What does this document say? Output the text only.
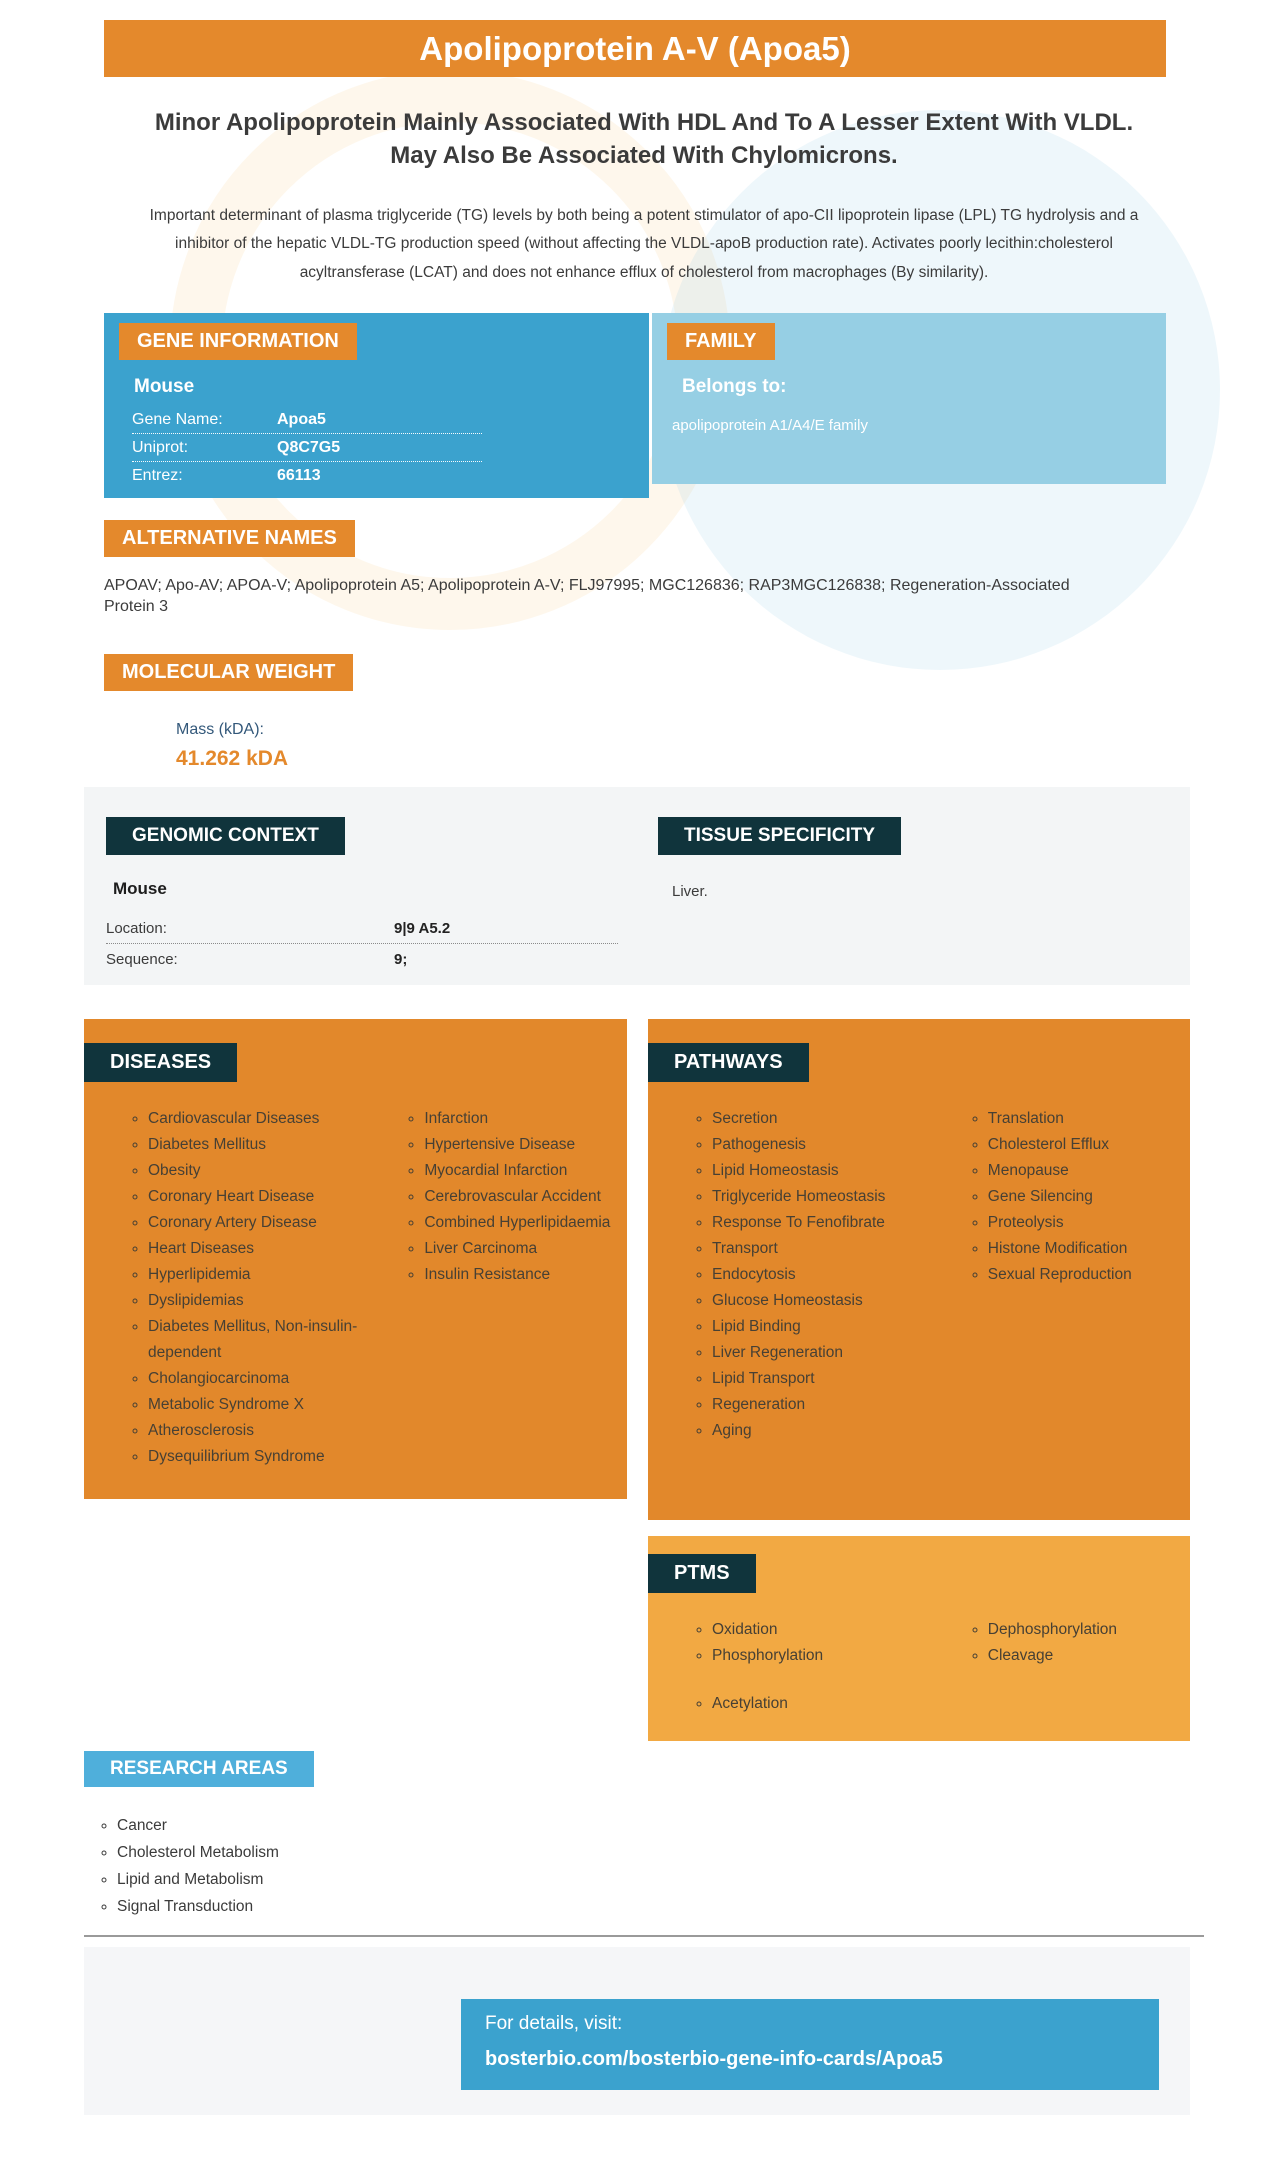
Apolipoprotein A-V (Apoa5)
Minor Apolipoprotein Mainly Associated With HDL And To A Lesser Extent With VLDL. May Also Be Associated With Chylomicrons.
Important determinant of plasma triglyceride (TG) levels by both being a potent stimulator of apo-CII lipoprotein lipase (LPL) TG hydrolysis and a inhibitor of the hepatic VLDL-TG production speed (without affecting the VLDL-apoB production rate). Activates poorly lecithin:cholesterol acyltransferase (LCAT) and does not enhance efflux of cholesterol from macrophages (By similarity).
GENE INFORMATION
Mouse
Gene Name:	Apoa5
Uniprot:	Q8C7G5
Entrez:	66113
FAMILY
Belongs to:
apolipoprotein A1/A4/E family
ALTERNATIVE NAMES
APOAV; Apo-AV; APOA-V; Apolipoprotein A5; Apolipoprotein A-V; FLJ97995; MGC126836; RAP3MGC126838; Regeneration-Associated Protein 3
MOLECULAR WEIGHT
Mass (kDA):
41.262 kDA
GENOMIC CONTEXT
Mouse
Location:	9|9 A5.2
Sequence:	9;
TISSUE SPECIFICITY
Liver.
DISEASES
◦ Cardiovascular Diseases
◦ Diabetes Mellitus
◦ Obesity
◦ Coronary Heart Disease
◦ Coronary Artery Disease
◦ Heart Diseases
◦ Hyperlipidemia
◦ Dyslipidemias
◦ Diabetes Mellitus, Non-insulin-dependent
◦ Cholangiocarcinoma
◦ Metabolic Syndrome X
◦ Atherosclerosis
◦ Dysequilibrium Syndrome
◦ Infarction
◦ Hypertensive Disease
◦ Myocardial Infarction
◦ Cerebrovascular Accident
◦ Combined Hyperlipidaemia
◦ Liver Carcinoma
◦ Insulin Resistance
RESEARCH AREAS
◦ Cancer
◦ Cholesterol Metabolism
◦ Lipid and Metabolism
◦ Signal Transduction
PATHWAYS
◦ Secretion
◦ Pathogenesis
◦ Lipid Homeostasis
◦ Triglyceride Homeostasis
◦ Response To Fenofibrate
◦ Transport
◦ Endocytosis
◦ Glucose Homeostasis
◦ Lipid Binding
◦ Liver Regeneration
◦ Lipid Transport
◦ Regeneration
◦ Aging
◦ Translation
◦ Cholesterol Efflux
◦ Menopause
◦ Gene Silencing
◦ Proteolysis
◦ Histone Modification
◦ Sexual Reproduction
PTMS
◦ Oxidation
◦ Phosphorylation
◦ Dephosphorylation
◦ Cleavage
◦ Acetylation
For details, visit:
bosterbio.com/bosterbio-gene-info-cards/Apoa5
